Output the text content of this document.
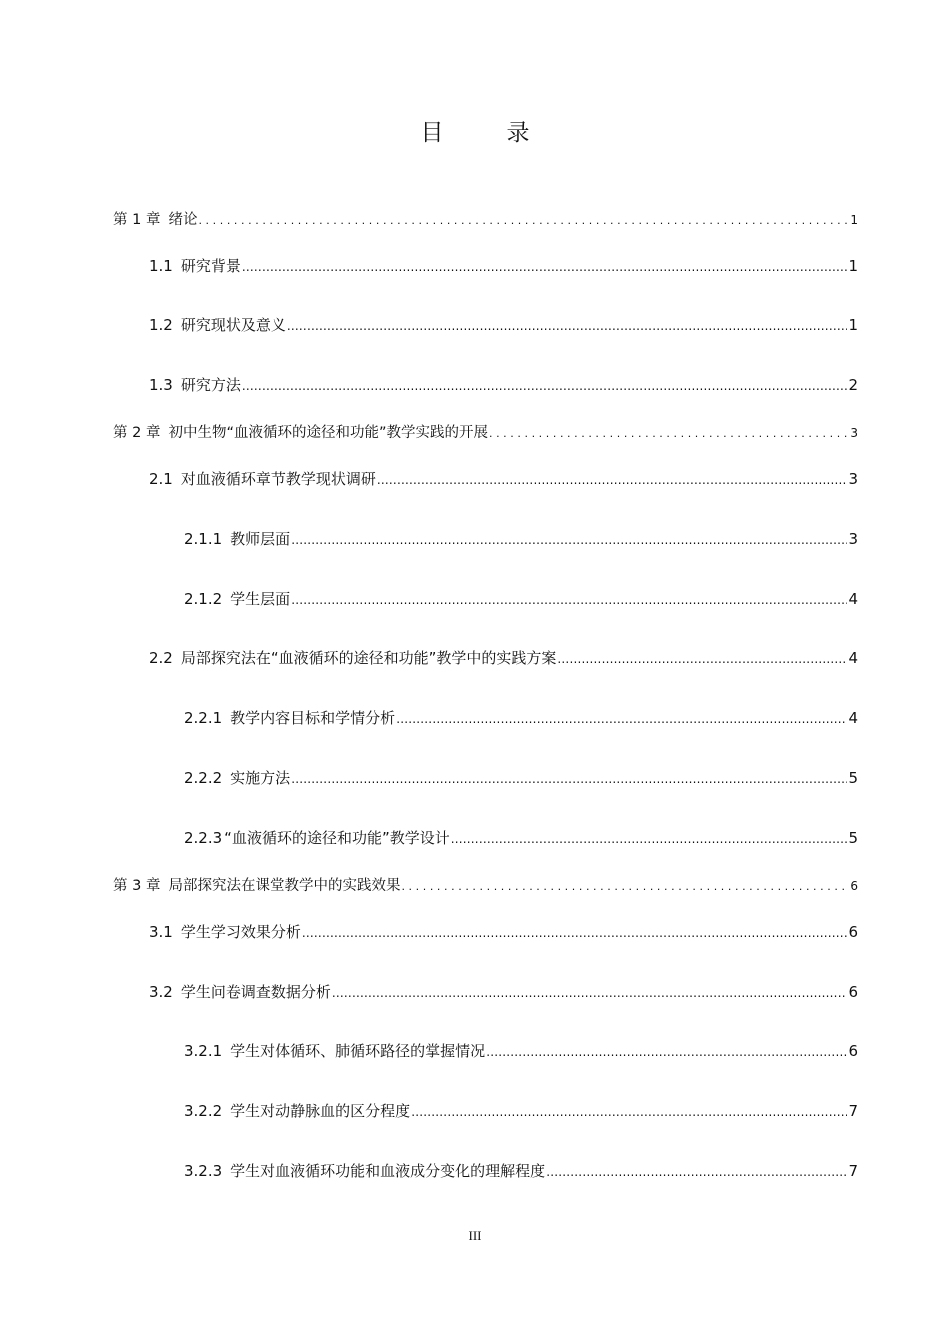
目　录
第 1 章 绪论 .....	1
1.1 研究背景 .....	1
1.2 研究现状及意义 .....	1
1.3 研究方法 .....	2
第 2 章 初中生物“血液循环的途径和功能”教学实践的开展 .....	3
2.1 对血液循环章节教学现状调研 .....	3
2.1.1 教师层面 .....	3
2.1.2 学生层面 .....	4
2.2 局部探究法在“血液循环的途径和功能”教学中的实践方案 .....	4
2.2.1 教学内容目标和学情分析 .....	4
2.2.2 实施方法 .....	5
2.2.3 “血液循环的途径和功能”教学设计 .....	5
第 3 章 局部探究法在课堂教学中的实践效果 .....	6
3.1 学生学习效果分析 .....	6
3.2 学生问卷调查数据分析 .....	6
3.2.1 学生对体循环、肺循环路径的掌握情况 .....	6
3.2.2 学生对动静脉血的区分程度 .....	7
3.2.3 学生对血液循环功能和血液成分变化的理解程度 .....	7
III
